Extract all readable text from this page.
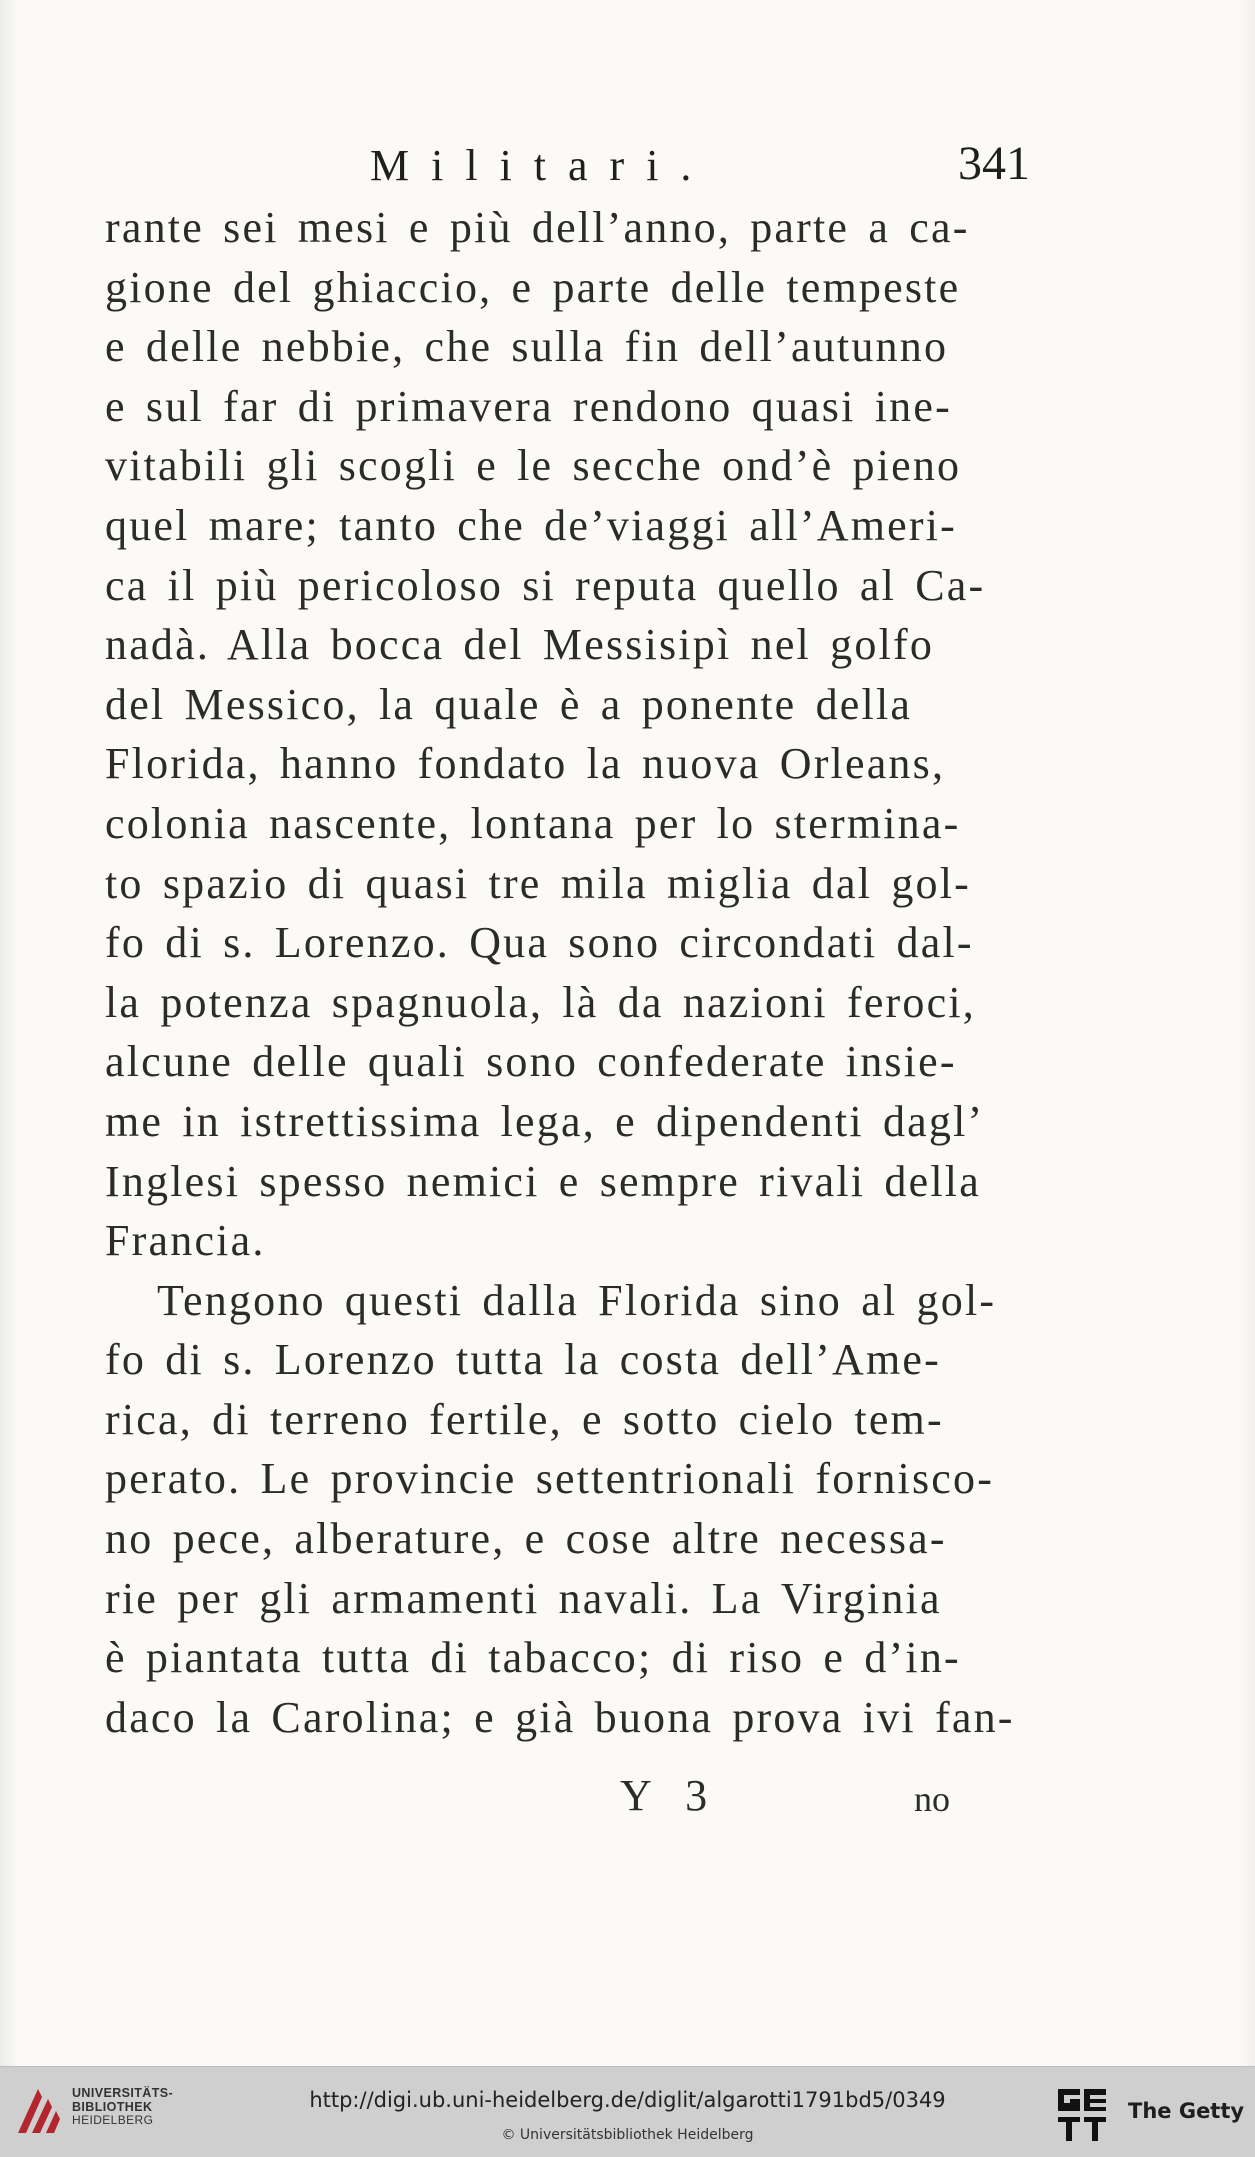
Militari.	341

rante sei mesi e più dell’anno, parte a ca-
gione del ghiaccio, e parte delle tempeste
e delle nebbie, che sulla fin dell’autunno
e sul far di primavera rendono quasi ine-
vitabili gli scogli e le secche ond’è pieno
quel mare; tanto che de’viaggi all’Ameri-
ca il più pericoloso si reputa quello al Ca-
nadà. Alla bocca del Messisipì nel golfo
del Messico, la quale è a ponente della
Florida, hanno fondato la nuova Orleans,
colonia nascente, lontana per lo stermina-
to spazio di quasi tre mila miglia dal gol-
fo di s. Lorenzo. Qua sono circondati dal-
la potenza spagnuola, là da nazioni feroci,
alcune delle quali sono confederate insie-
me in istrettissima lega, e dipendenti dagl’
Inglesi spesso nemici e sempre rivali della
Francia.

Tengono questi dalla Florida sino al gol-
fo di s. Lorenzo tutta la costa dell’Ame-
rica, di terreno fertile, e sotto cielo tem-
perato. Le provincie settentrionali fornisco-
no pece, alberature, e cose altre necessa-
rie per gli armamenti navali. La Virginia
è piantata tutta di tabacco; di riso e d’in-
daco la Carolina; e già buona prova ivi fan-

Y 3	no
UNIVERSITÄTS-
BIBLIOTHEK
HEIDELBERG
http://digi.ub.uni-heidelberg.de/diglit/algarotti1791bd5/0349
© Universitätsbibliothek Heidelberg
The Getty
